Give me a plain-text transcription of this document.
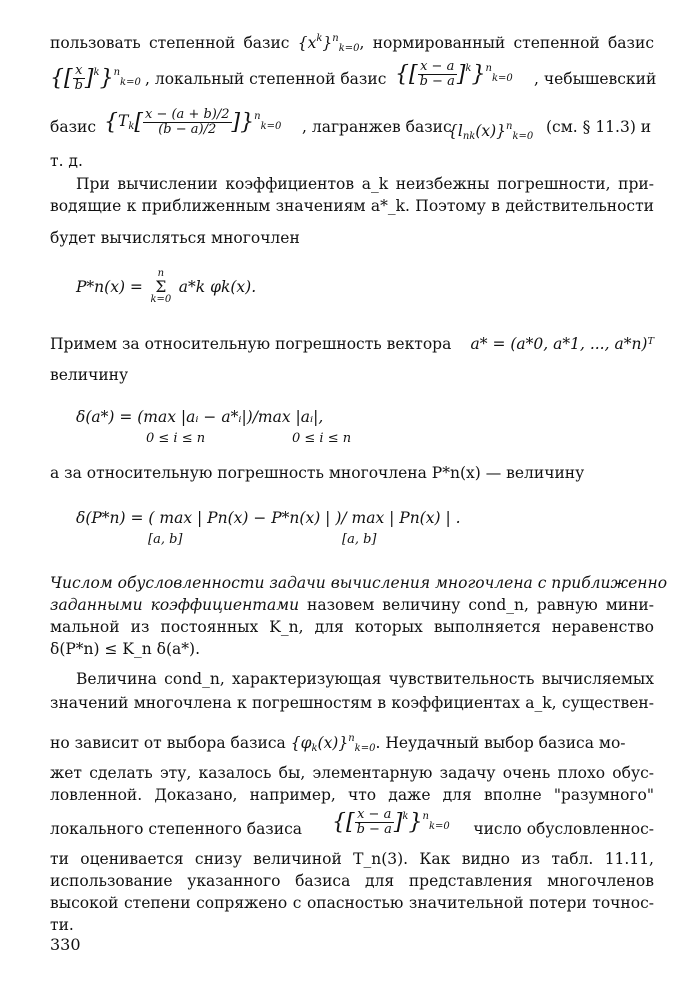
пользовать степенной базис $\{x^k\}^n_{k=0}$, нормированный степенной базис
{[ $\frac{x}{b} ]^k\}^n_{k=0}$ , локальный степенной базис {[ $\frac{x - a}{b - a} ]^k\}^n_{k=0}$ , чебышевский
базис $\{T_k[ \frac{x - (a + b)/2}{(b - a)/2} ]\}^n_{k=0}$ , лагранжев базис
$\{l_{nk}(x)\}^n_{k=0}$
(см. § 11.3) и
т. д.
При вычислении коэффициентов a_k неизбежны погрешности, при-
водящие к приближенным значениям a*_k. Поэтому в действительности
будет вычисляться многочлен
P*n(x) =
n
Σ
k=0
a*k φk(x).
Примем за относительную погрешность вектора a* = (a*0, a*1, ..., a*n)ᵀ
величину
δ(a*) = (max |aᵢ − a*ᵢ|)/max |aᵢ|,
0 ≤ i ≤ n	0 ≤ i ≤ n
а за относительную погрешность многочлена P*n(x) — величину
δ(P*n) = ( max | Pn(x) − P*n(x) | )/ max | Pn(x) | .
[a, b]	[a, b]
Числом обусловленности задачи вычисления многочлена с приближенно
заданными коэффициентами назовем величину cond_n, равную мини-
мальной из постоянных K_n, для которых выполняется неравенство
δ(P*n) ≤ K_n δ(a*).
Величина cond_n, характеризующая чувствительность вычисляемых
значений многочлена к погрешностям в коэффициентах a_k, существен-
но зависит от выбора базиса $\{\varphi_k(x)\}^n_{k=0}$. Неудачный выбор базиса мо-
жет сделать эту, казалось бы, элементарную задачу очень плохо обус-
ловленной. Доказано, например, что даже для вполне "разумного"
локального степенного базиса {[ $\frac{x - a}{b - a} ]^k\}^n_{k=0}$ число обусловленнос-
ти оценивается снизу величиной T_n(3). Как видно из табл. 11.11,
использование указанного базиса для представления многочленов
высокой степени сопряжено с опасностью значительной потери точнос-
ти.
330
